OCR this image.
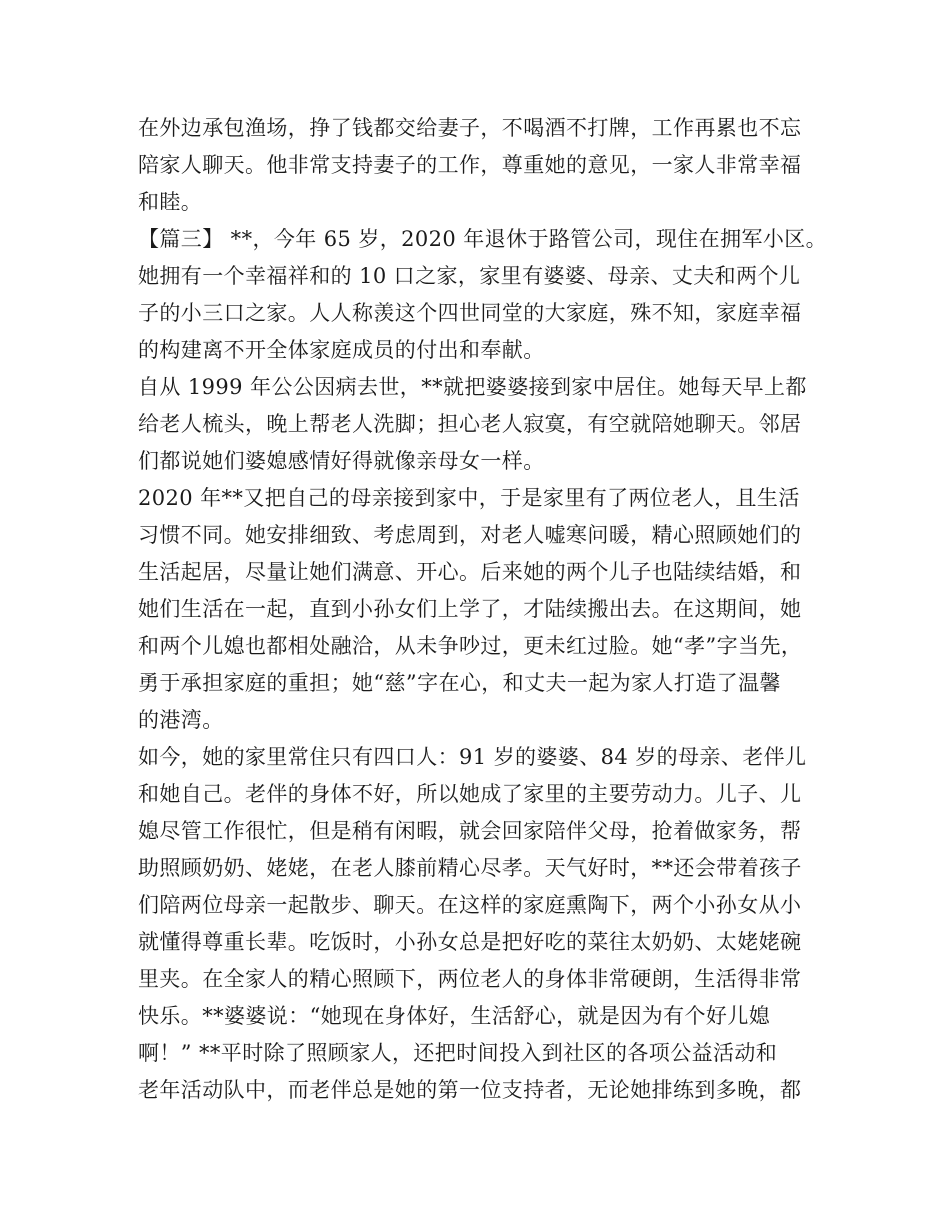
在外边承包渔场，挣了钱都交给妻子，不喝酒不打牌，工作再累也不忘
陪家人聊天。他非常支持妻子的工作，尊重她的意见，一家人非常幸福
和睦。
【篇三】 **，今年 65 岁，2020 年退休于路管公司，现住在拥军小区。
她拥有一个幸福祥和的 10 口之家，家里有婆婆、母亲、丈夫和两个儿
子的小三口之家。人人称羡这个四世同堂的大家庭，殊不知，家庭幸福
的构建离不开全体家庭成员的付出和奉献。
自从 1999 年公公因病去世，**就把婆婆接到家中居住。她每天早上都
给老人梳头，晚上帮老人洗脚；担心老人寂寞，有空就陪她聊天。邻居
们都说她们婆媳感情好得就像亲母女一样。
2020 年**又把自己的母亲接到家中，于是家里有了两位老人，且生活
习惯不同。她安排细致、考虑周到，对老人嘘寒问暖，精心照顾她们的
生活起居，尽量让她们满意、开心。后来她的两个儿子也陆续结婚，和
她们生活在一起，直到小孙女们上学了，才陆续搬出去。在这期间，她
和两个儿媳也都相处融洽，从未争吵过，更未红过脸。她“孝”字当先，
勇于承担家庭的重担；她“慈”字在心，和丈夫一起为家人打造了温馨
的港湾。
如今，她的家里常住只有四口人：91 岁的婆婆、84 岁的母亲、老伴儿
和她自己。老伴的身体不好，所以她成了家里的主要劳动力。儿子、儿
媳尽管工作很忙，但是稍有闲暇，就会回家陪伴父母，抢着做家务，帮
助照顾奶奶、姥姥，在老人膝前精心尽孝。天气好时，**还会带着孩子
们陪两位母亲一起散步、聊天。在这样的家庭熏陶下，两个小孙女从小
就懂得尊重长辈。吃饭时，小孙女总是把好吃的菜往太奶奶、太姥姥碗
里夹。在全家人的精心照顾下，两位老人的身体非常硬朗，生活得非常
快乐。**婆婆说：“她现在身体好，生活舒心，就是因为有个好儿媳
啊！” **平时除了照顾家人，还把时间投入到社区的各项公益活动和
老年活动队中，而老伴总是她的第一位支持者，无论她排练到多晚，都
